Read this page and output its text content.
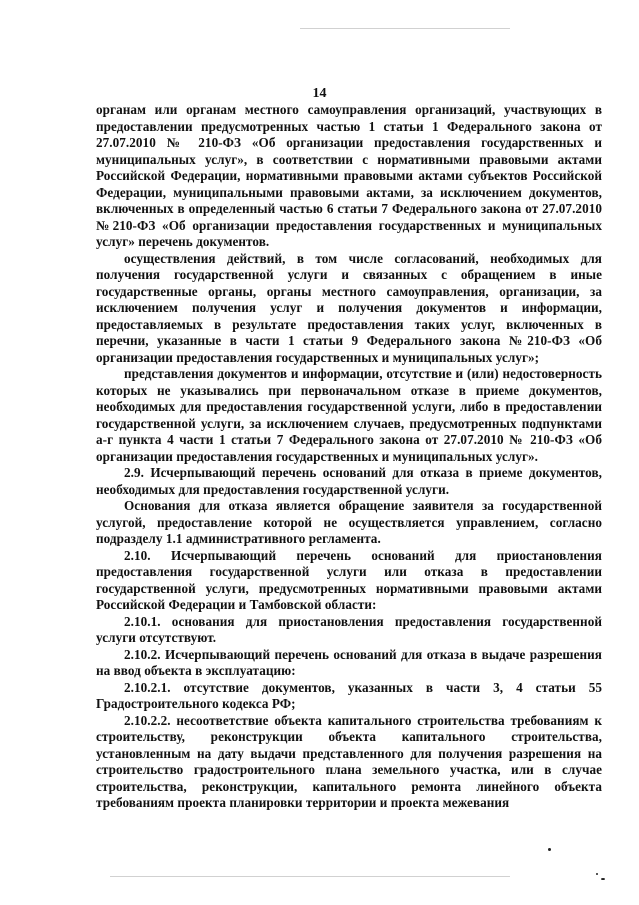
14

органам или органам местного самоуправления организаций, участвующих в предоставлении предусмотренных частью 1 статьи 1 Федерального закона от 27.07.2010 № 210-ФЗ «Об организации предоставления государственных и муниципальных услуг», в соответствии с нормативными правовыми актами Российской Федерации, нормативными правовыми актами субъектов Российской Федерации, муниципальными правовыми актами, за исключением документов, включенных в определенный частью 6 статьи 7 Федерального закона от 27.07.2010 №210-ФЗ «Об организации предоставления государственных и муниципальных услуг» перечень документов.

осуществления действий, в том числе согласований, необходимых для получения государственной услуги и связанных с обращением в иные государственные органы, органы местного самоуправления, организации, за исключением получения услуг и получения документов и информации, предоставляемых в результате предоставления таких услуг, включенных в перечни, указанные в части 1 статьи 9 Федерального закона №210-ФЗ «Об организации предоставления государственных и муниципальных услуг»;

представления документов и информации, отсутствие и (или) недостоверность которых не указывались при первоначальном отказе в приеме документов, необходимых для предоставления государственной услуги, либо в предоставлении государственной услуги, за исключением случаев, предусмотренных подпунктами а-г пункта 4 части 1 статьи 7 Федерального закона от 27.07.2010 № 210-ФЗ «Об организации предоставления государственных и муниципальных услуг».

2.9. Исчерпывающий перечень оснований для отказа в приеме документов, необходимых для предоставления государственной услуги.

Основания для отказа является обращение заявителя за государственной услугой, предоставление которой не осуществляется управлением, согласно подразделу 1.1 административного регламента.

2.10. Исчерпывающий перечень оснований для приостановления предоставления государственной услуги или отказа в предоставлении государственной услуги, предусмотренных нормативными правовыми актами Российской Федерации и Тамбовской области:

2.10.1. основания для приостановления предоставления государственной услуги отсутствуют.

2.10.2. Исчерпывающий перечень оснований для отказа в выдаче разрешения на ввод объекта в эксплуатацию:

2.10.2.1. отсутствие документов, указанных в части 3, 4 статьи 55 Градостроительного кодекса РФ;

2.10.2.2. несоответствие объекта капитального строительства требованиям к строительству, реконструкции объекта капитального строительства, установленным на дату выдачи представленного для получения разрешения на строительство градостроительного плана земельного участка, или в случае строительства, реконструкции, капитального ремонта линейного объекта требованиям проекта планировки территории и проекта межевания
